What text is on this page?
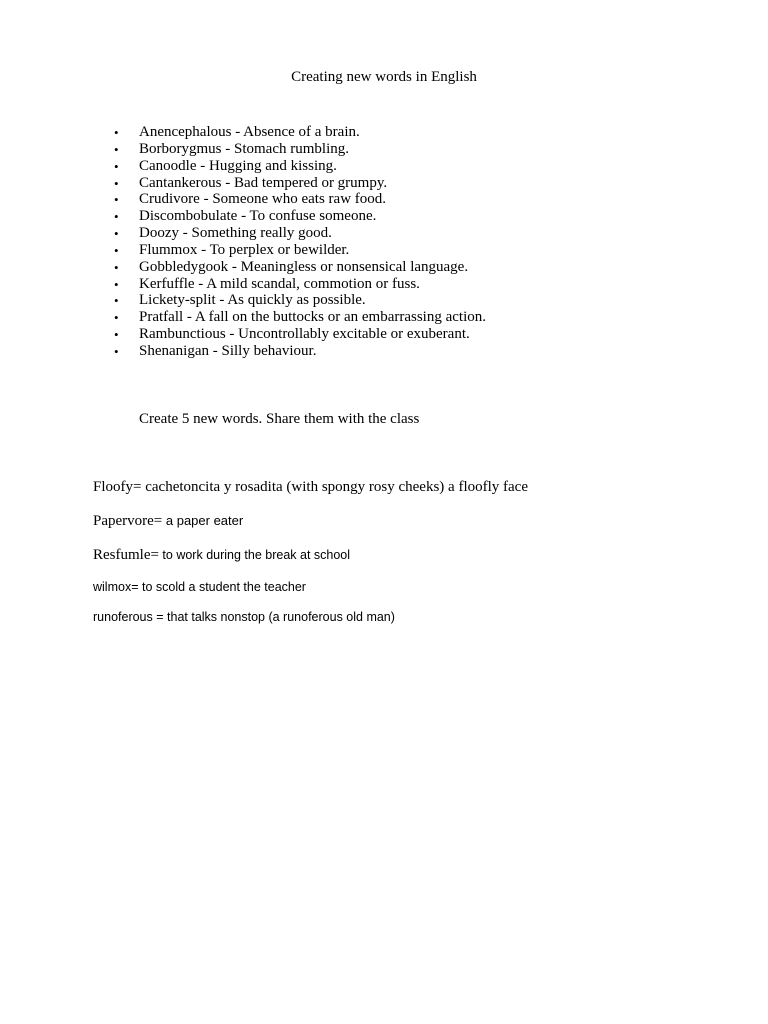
Creating new words in English
• Anencephalous - Absence of a brain.
• Borborygmus - Stomach rumbling.
• Canoodle - Hugging and kissing.
• Cantankerous - Bad tempered or grumpy.
• Crudivore - Someone who eats raw food.
• Discombobulate - To confuse someone.
• Doozy - Something really good.
• Flummox - To perplex or bewilder.
• Gobbledygook - Meaningless or nonsensical language.
• Kerfuffle - A mild scandal, commotion or fuss.
• Lickety-split - As quickly as possible.
• Pratfall - A fall on the buttocks or an embarrassing action.
• Rambunctious - Uncontrollably excitable or exuberant.
• Shenanigan - Silly behaviour.
Create 5 new words. Share them with the class
Floofy= cachetoncita y rosadita (with spongy rosy cheeks) a floofly face
Papervore= a paper eater
Resfumle= to work during the break at school
wilmox= to scold a student the teacher
runoferous = that talks nonstop (a runoferous old man)
